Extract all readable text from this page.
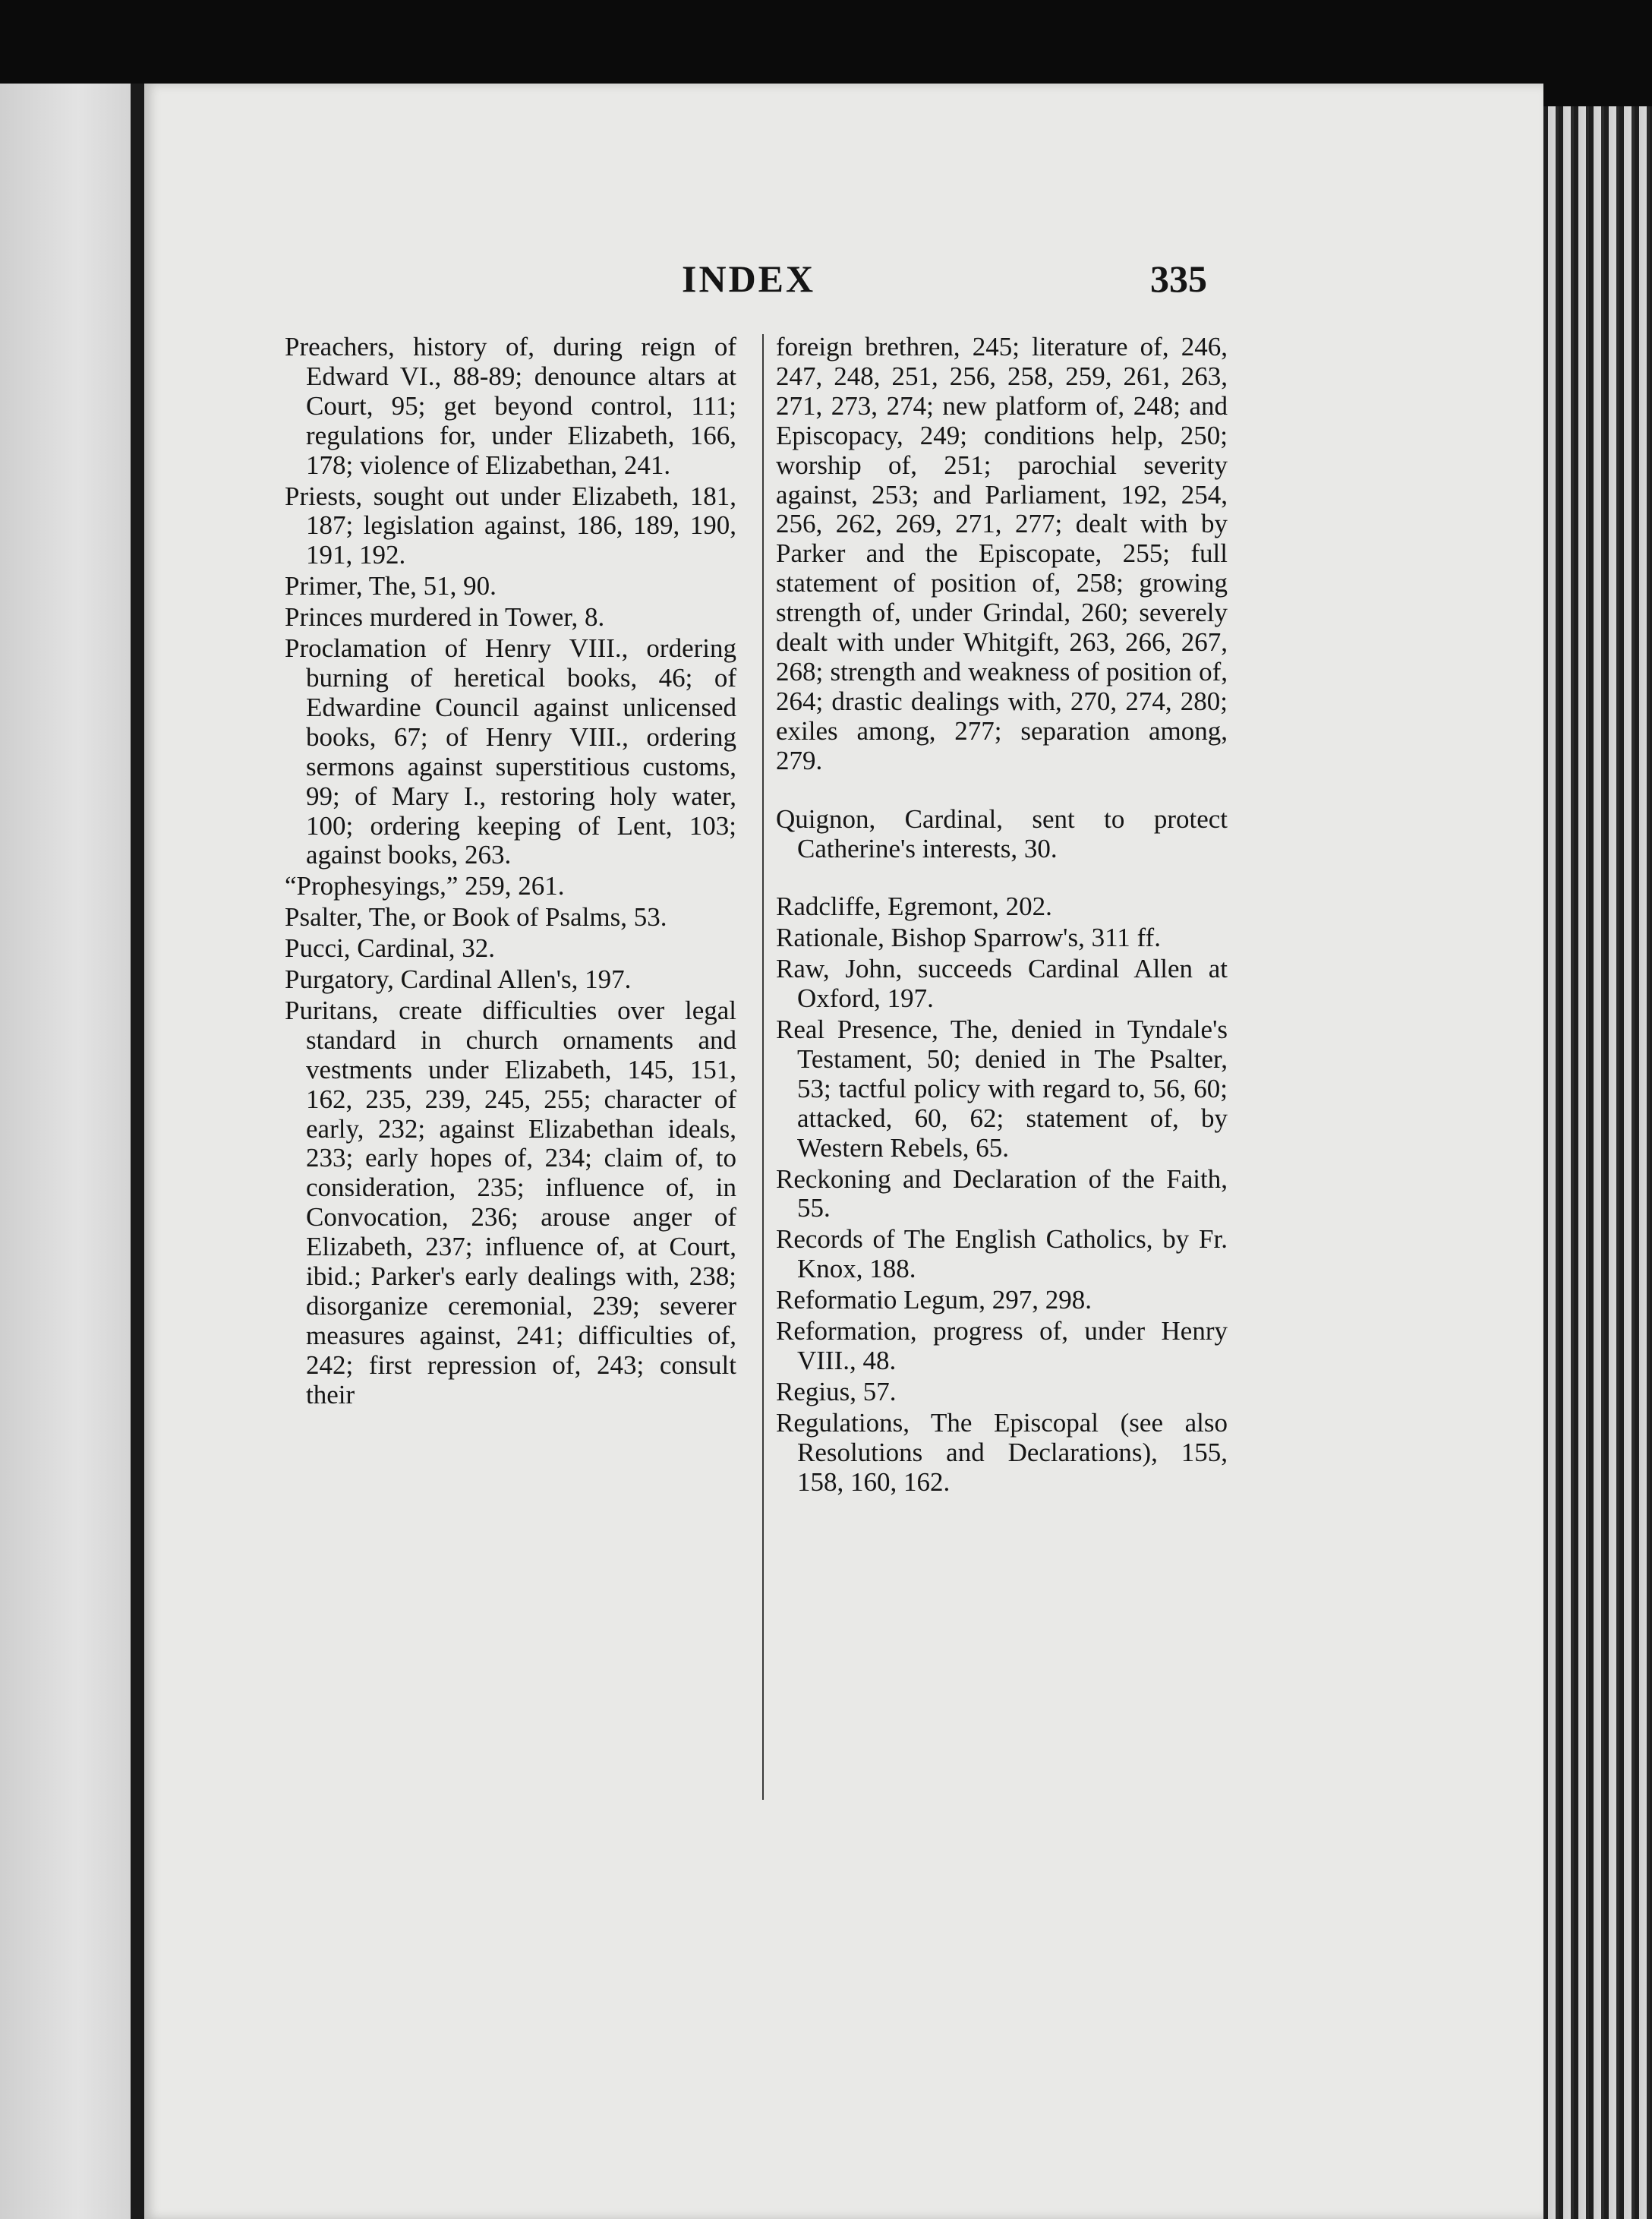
INDEX	335

Preachers, history of, during reign of Edward VI., 88-89; denounce altars at Court, 95; get beyond control, 111; regulations for, under Elizabeth, 166, 178; violence of Elizabethan, 241.

Priests, sought out under Elizabeth, 181, 187; legislation against, 186, 189, 190, 191, 192.

Primer, The, 51, 90.

Princes murdered in Tower, 8.

Proclamation of Henry VIII., ordering burning of heretical books, 46; of Edwardine Council against unlicensed books, 67; of Henry VIII., ordering sermons against superstitious customs, 99; of Mary I., restoring holy water, 100; ordering keeping of Lent, 103; against books, 263.

“Prophesyings,” 259, 261.

Psalter, The, or Book of Psalms, 53.

Pucci, Cardinal, 32.

Purgatory, Cardinal Allen's, 197.

Puritans, create difficulties over legal standard in church ornaments and vestments under Elizabeth, 145, 151, 162, 235, 239, 245, 255; character of early, 232; against Elizabethan ideals, 233; early hopes of, 234; claim of, to consideration, 235; influence of, in Convocation, 236; arouse anger of Elizabeth, 237; influence of, at Court, ibid.; Parker's early dealings with, 238; disorganize ceremonial, 239; severer measures against, 241; difficulties of, 242; first repression of, 243; consult their

foreign brethren, 245; literature of, 246, 247, 248, 251, 256, 258, 259, 261, 263, 271, 273, 274; new platform of, 248; and Episcopacy, 249; conditions help, 250; worship of, 251; parochial severity against, 253; and Parliament, 192, 254, 256, 262, 269, 271, 277; dealt with by Parker and the Episcopate, 255; full statement of position of, 258; growing strength of, under Grindal, 260; severely dealt with under Whitgift, 263, 266, 267, 268; strength and weakness of position of, 264; drastic dealings with, 270, 274, 280; exiles among, 277; separation among, 279.

Quignon, Cardinal, sent to protect Catherine's interests, 30.

Radcliffe, Egremont, 202.

Rationale, Bishop Sparrow's, 311 ff.

Raw, John, succeeds Cardinal Allen at Oxford, 197.

Real Presence, The, denied in Tyndale's Testament, 50; denied in The Psalter, 53; tactful policy with regard to, 56, 60; attacked, 60, 62; statement of, by Western Rebels, 65.

Reckoning and Declaration of the Faith, 55.

Records of The English Catholics, by Fr. Knox, 188.

Reformatio Legum, 297, 298.

Reformation, progress of, under Henry VIII., 48.

Regius, 57.

Regulations, The Episcopal (see also Resolutions and Declarations), 155, 158, 160, 162.
